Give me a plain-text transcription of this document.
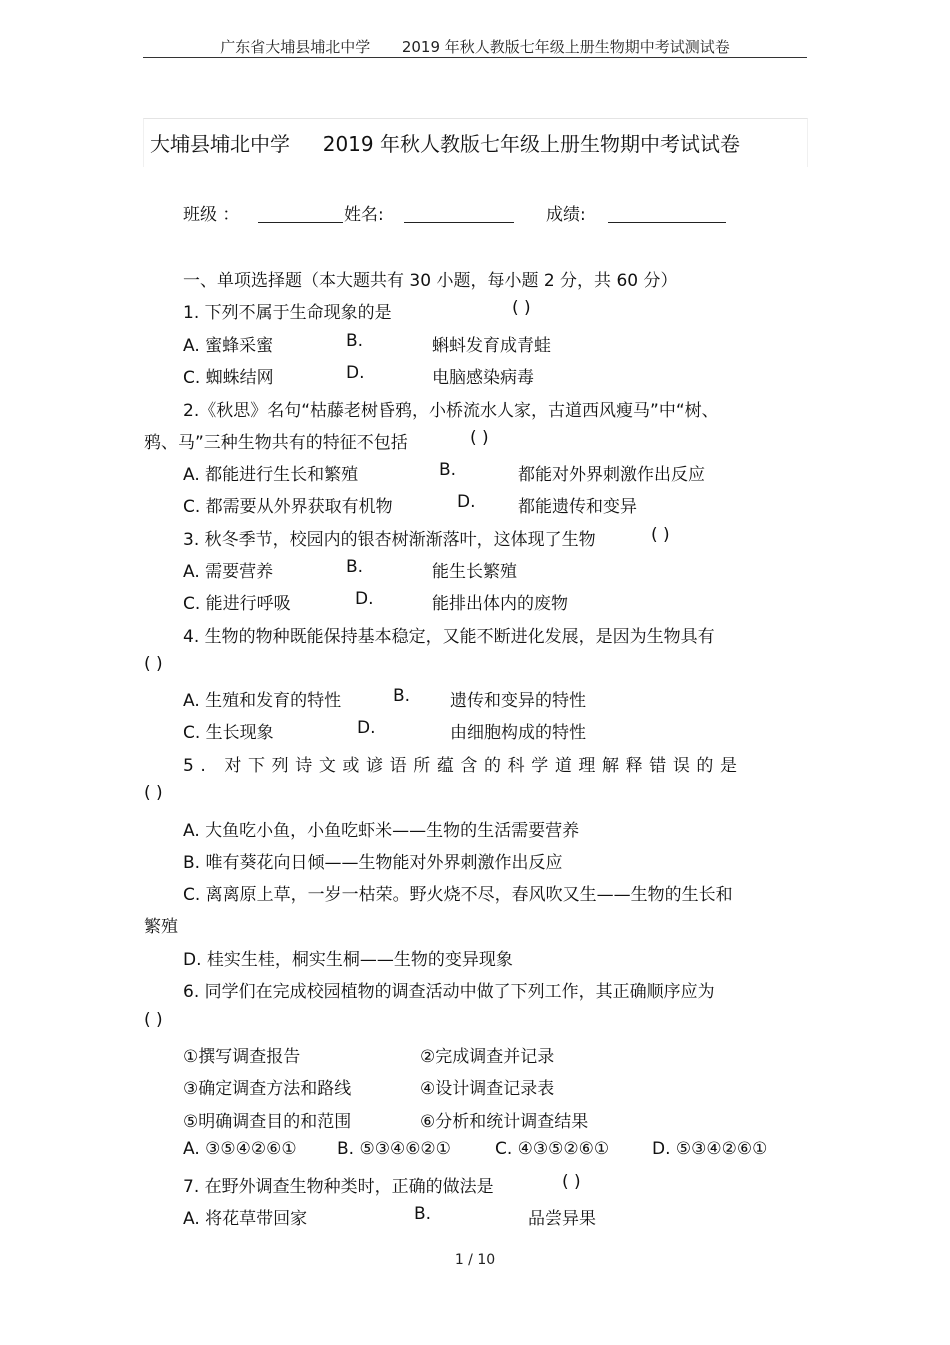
广东省大埔县埔北中学 2019 年秋人教版七年级上册生物期中考试测试卷
大埔县埔北中学 2019 年秋人教版七年级上册生物期中考试试卷
班级 ：	姓名:	成绩:
一、单项选择题（本大题共有 30 小题，每小题 2 分，共 60 分）
1. 下列不属于生命现象的是	( )
A. 蜜蜂采蜜	B.	蝌蚪发育成青蛙
C. 蜘蛛结网	D.	电脑感染病毒
2.《秋思》名句“枯藤老树昏鸦，小桥流水人家，古道西风瘦马”中“树、
鸦、马”三种生物共有的特征不包括	( )
A. 都能进行生长和繁殖	B.	都能对外界刺激作出反应
C. 都需要从外界获取有机物	D.	都能遗传和变异
3. 秋冬季节，校园内的银杏树渐渐落叶，这体现了生物	( )
A. 需要营养	B.	能生长繁殖
C. 能进行呼吸	D.	能排出体内的废物
4. 生物的物种既能保持基本稳定，又能不断进化发展，是因为生物具有
( )
A. 生殖和发育的特性	B. 遗传和变异的特性
C. 生长现象	D.	由细胞构成的特性
5. 对下列诗文或谚语所蕴含的科学道理解释错误的是
( )
A. 大鱼吃小鱼，小鱼吃虾米——生物的生活需要营养
B. 唯有葵花向日倾——生物能对外界刺激作出反应
C. 离离原上草，一岁一枯荣。野火烧不尽，春风吹又生——生物的生长和
繁殖
D. 桂实生桂，桐实生桐——生物的变异现象
6. 同学们在完成校园植物的调查活动中做了下列工作，其正确顺序应为
( )
①撰写调查报告	②完成调查并记录
③确定调查方法和路线	④设计调查记录表
⑤明确调查目的和范围	⑥分析和统计调查结果
A. ③⑤④②⑥① B. ⑤③④⑥②①	C. ④③⑤②⑥①	D. ⑤③④②⑥①
7. 在野外调查生物种类时，正确的做法是	( )
A. 将花草带回家	B.	品尝异果
1 / 10
